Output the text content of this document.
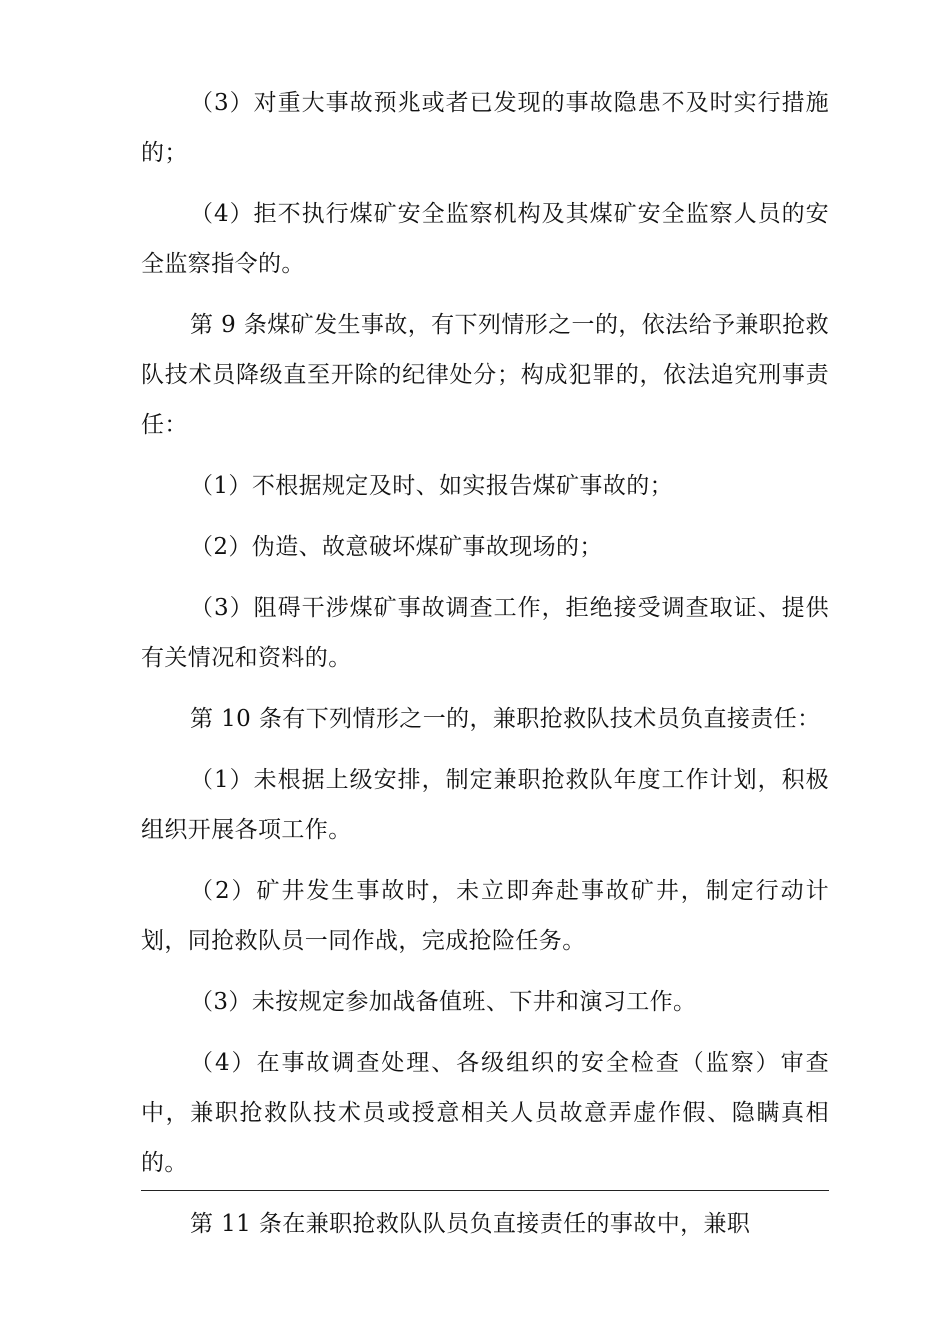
（3）对重大事故预兆或者已发现的事故隐患不及时实行措施的；

（4）拒不执行煤矿安全监察机构及其煤矿安全监察人员的安全监察指令的。

第 9 条煤矿发生事故，有下列情形之一的，依法给予兼职抢救队技术员降级直至开除的纪律处分；构成犯罪的，依法追究刑事责任：

（1）不根据规定及时、如实报告煤矿事故的；

（2）伪造、故意破坏煤矿事故现场的；

（3）阻碍干涉煤矿事故调查工作，拒绝接受调查取证、提供有关情况和资料的。

第 10 条有下列情形之一的，兼职抢救队技术员负直接责任：

（1）未根据上级安排，制定兼职抢救队年度工作计划，积极组织开展各项工作。

（2）矿井发生事故时，未立即奔赴事故矿井，制定行动计划，同抢救队员一同作战，完成抢险任务。

（3）未按规定参加战备值班、下井和演习工作。

（4）在事故调查处理、各级组织的安全检查（监察）审查中，兼职抢救队技术员或授意相关人员故意弄虚作假、隐瞒真相的。

第 11 条在兼职抢救队队员负直接责任的事故中，兼职
